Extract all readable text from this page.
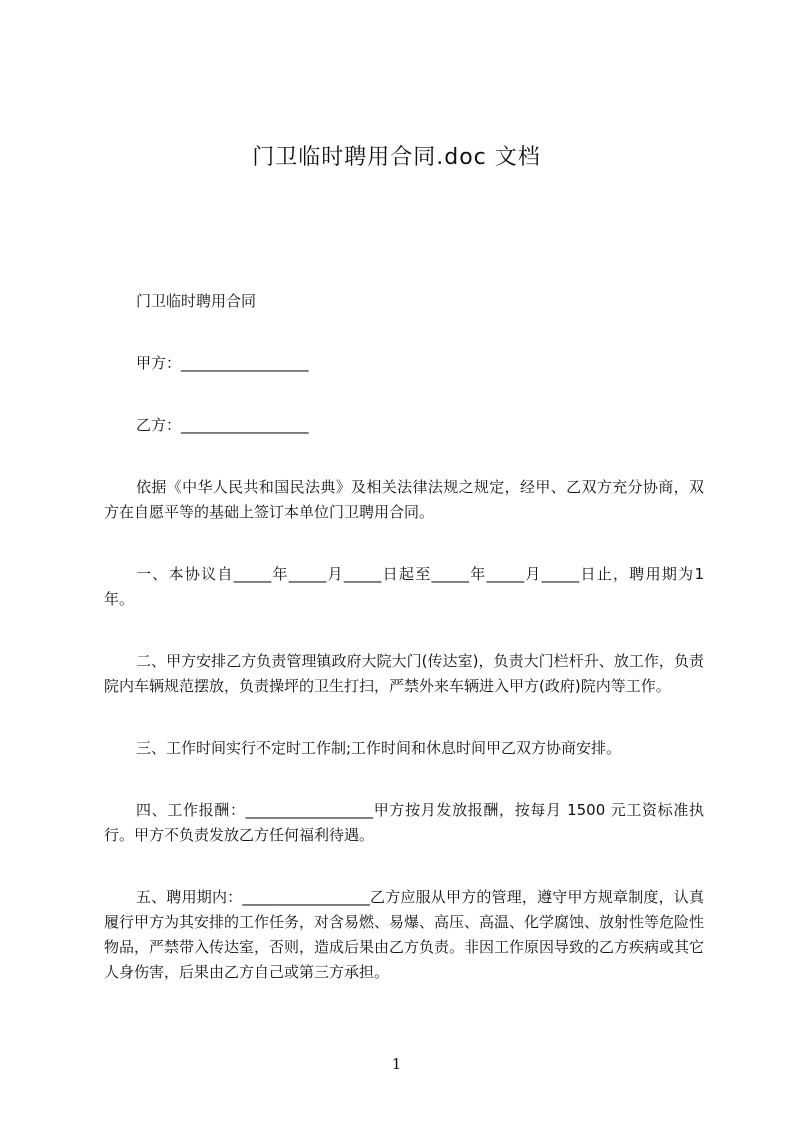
门卫临时聘用合同.doc 文档

门卫临时聘用合同

甲方：_________________

乙方：_________________

依据《中华人民共和国民法典》及相关法律法规之规定，经甲、乙双方充分协商，双方在自愿平等的基础上签订本单位门卫聘用合同。

一、本协议自_____年_____月_____日起至_____年_____月_____日止，聘用期为1 年。

二、甲方安排乙方负责管理镇政府大院大门(传达室)，负责大门栏杆升、放工作，负责院内车辆规范摆放，负责操坪的卫生打扫，严禁外来车辆进入甲方(政府)院内等工作。

三、工作时间实行不定时工作制;工作时间和休息时间甲乙双方协商安排。

四、工作报酬：_________________甲方按月发放报酬，按每月 1500 元工资标准执行。甲方不负责发放乙方任何福利待遇。

五、聘用期内：_________________乙方应服从甲方的管理，遵守甲方规章制度，认真履行甲方为其安排的工作任务，对含易燃、易爆、高压、高温、化学腐蚀、放射性等危险性物品，严禁带入传达室，否则，造成后果由乙方负责。非因工作原因导致的乙方疾病或其它人身伤害，后果由乙方自己或第三方承担。

1
